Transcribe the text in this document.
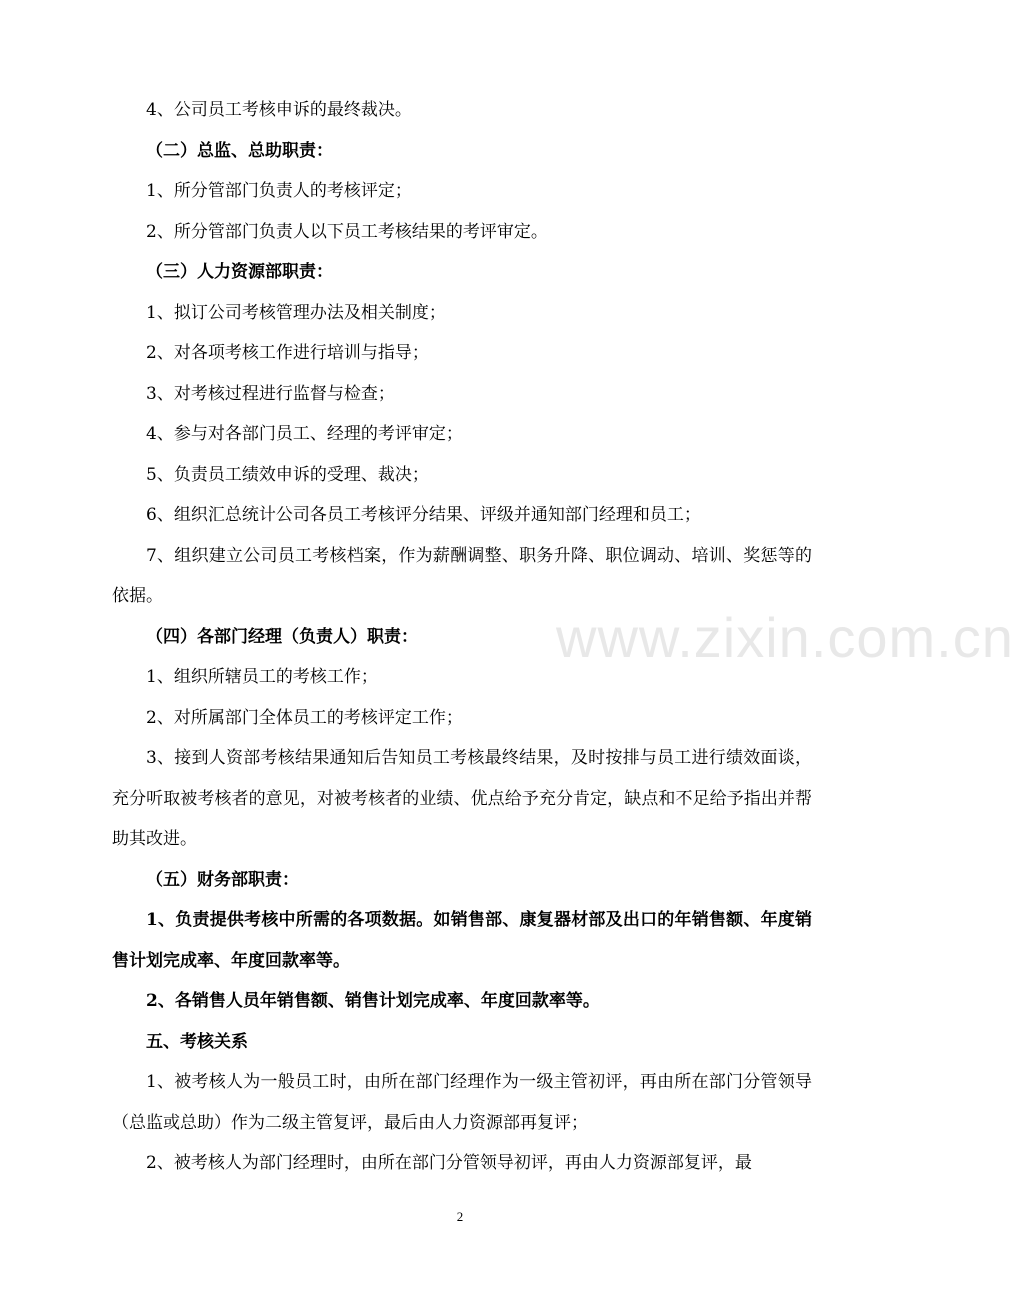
4、公司员工考核申诉的最终裁决。

（二）总监、总助职责：

1、所分管部门负责人的考核评定；

2、所分管部门负责人以下员工考核结果的考评审定。

（三）人力资源部职责：

1、拟订公司考核管理办法及相关制度；

2、对各项考核工作进行培训与指导；

3、对考核过程进行监督与检查；

4、参与对各部门员工、经理的考评审定；

5、负责员工绩效申诉的受理、裁决；

6、组织汇总统计公司各员工考核评分结果、评级并通知部门经理和员工；

7、组织建立公司员工考核档案，作为薪酬调整、职务升降、职位调动、培训、奖惩等的依据。

（四）各部门经理（负责人）职责：

1、组织所辖员工的考核工作；

2、对所属部门全体员工的考核评定工作；

3、接到人资部考核结果通知后告知员工考核最终结果，及时按排与员工进行绩效面谈，充分听取被考核者的意见，对被考核者的业绩、优点给予充分肯定，缺点和不足给予指出并帮助其改进。

（五）财务部职责：

1、负责提供考核中所需的各项数据。如销售部、康复器材部及出口的年销售额、年度销售计划完成率、年度回款率等。

2、各销售人员年销售额、销售计划完成率、年度回款率等。

五、考核关系

1、被考核人为一般员工时，由所在部门经理作为一级主管初评，再由所在部门分管领导（总监或总助）作为二级主管复评，最后由人力资源部再复评；

2、被考核人为部门经理时，由所在部门分管领导初评，再由人力资源部复评，最

www.zixin.com.cn
2
